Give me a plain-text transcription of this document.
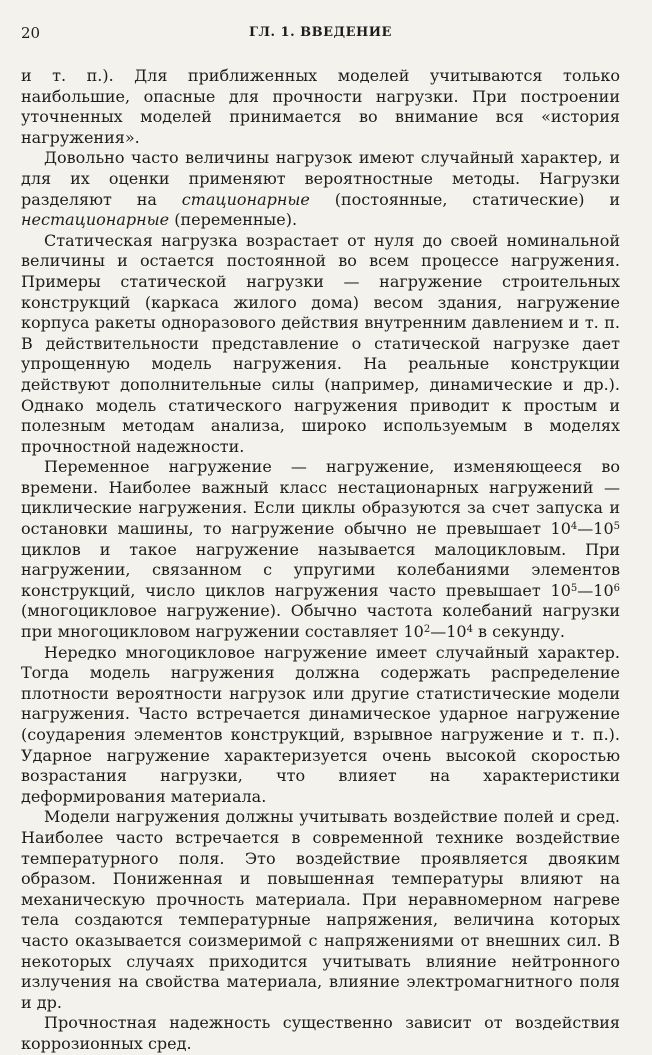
20	ГЛ. 1. ВВЕДЕНИЕ

и т. п.). Для приближенных моделей учитываются только наибольшие, опасные для прочности нагрузки. При построении уточненных моделей принимается во внимание вся «история нагружения».

Довольно часто величины нагрузок имеют случайный характер, и для их оценки применяют вероятностные методы. Нагрузки разделяют на стационарные (постоянные, статические) и нестационарные (переменные).

Статическая нагрузка возрастает от нуля до своей номинальной величины и остается постоянной во всем процессе нагружения. Примеры статической нагрузки — нагружение строительных конструкций (каркаса жилого дома) весом здания, нагружение корпуса ракеты одноразового действия внутренним давлением и т. п. В действительности представление о статической нагрузке дает упрощенную модель нагружения. На реальные конструкции действуют дополнительные силы (например, динамические и др.). Однако модель статического нагружения приводит к простым и полезным методам анализа, широко используемым в моделях прочностной надежности.

Переменное нагружение — нагружение, изменяющееся во времени. Наиболее важный класс нестационарных нагружений — циклические нагружения. Если циклы образуются за счет запуска и остановки машины, то нагружение обычно не превышает $10^4—10^5$ циклов и такое нагружение называется малоцикловым. При нагружении, связанном с упругими колебаниями элементов конструкций, число циклов нагружения часто превышает $10^5—10^6$ (многоцикловое нагружение). Обычно частота колебаний нагрузки при многоцикловом нагружении составляет $10^2—10^4$ в секунду.

Нередко многоцикловое нагружение имеет случайный характер. Тогда модель нагружения должна содержать распределение плотности вероятности нагрузок или другие статистические модели нагружения. Часто встречается динамическое ударное нагружение (соударения элементов конструкций, взрывное нагружение и т. п.). Ударное нагружение характеризуется очень высокой скоростью возрастания нагрузки, что влияет на характеристики деформирования материала.

Модели нагружения должны учитывать воздействие полей и сред. Наиболее часто встречается в современной технике воздействие температурного поля. Это воздействие проявляется двояким образом. Пониженная и повышенная температуры влияют на механическую прочность материала. При неравномерном нагреве тела создаются температурные напряжения, величина которых часто оказывается соизмеримой с напряжениями от внешних сил. В некоторых случаях приходится учитывать влияние нейтронного излучения на свойства материала, влияние электромагнитного поля и др.

Прочностная надежность существенно зависит от воздействия коррозионных сред.
